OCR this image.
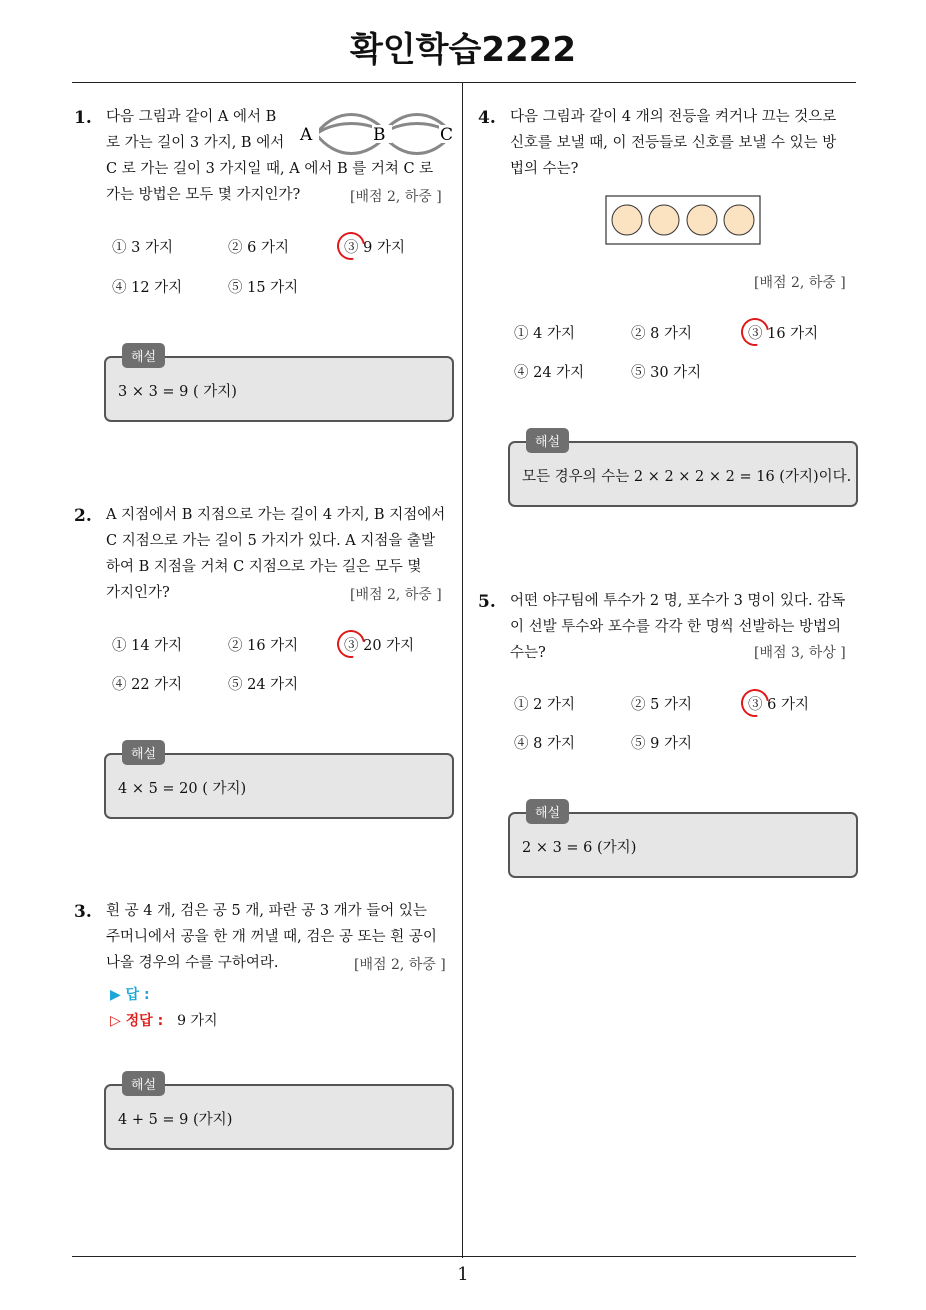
확인학습2222
1
1. 다음 그림과 같이 A 에서 B
로 가는 길이 3 가지, B 에서
C 로 가는 길이 3 가지일 때, A 에서 B 를 거쳐 C 로
가는 방법은 모두 몇 가지인가?	[배점 2, 하중 ]
A	B	C
① 3 가지	② 6 가지	③ 9 가지
④ 12 가지	⑤ 15 가지
해설
3 × 3 = 9 ( 가지)
2. A 지점에서 B 지점으로 가는 길이 4 가지, B 지점에서
C 지점으로 가는 길이 5 가지가 있다. A 지점을 출발
하여 B 지점을 거쳐 C 지점으로 가는 길은 모두 몇
가지인가?	[배점 2, 하중 ]
① 14 가지	② 16 가지	③ 20 가지
④ 22 가지	⑤ 24 가지
해설
4 × 5 = 20 ( 가지)
3. 흰 공 4 개, 검은 공 5 개, 파란 공 3 개가 들어 있는
주머니에서 공을 한 개 꺼낼 때, 검은 공 또는 흰 공이
나올 경우의 수를 구하여라.	[배점 2, 하중 ]
▶ 답 :
▷ 정답 : 9 가지
해설
4 + 5 = 9 (가지)
4. 다음 그림과 같이 4 개의 전등을 켜거나 끄는 것으로
신호를 보낼 때, 이 전등들로 신호를 보낼 수 있는 방
법의 수는?
[배점 2, 하중 ]
① 4 가지	② 8 가지	③ 16 가지
④ 24 가지	⑤ 30 가지
해설
모든 경우의 수는 2 × 2 × 2 × 2 = 16 (가지)이다.
5. 어떤 야구팀에 투수가 2 명, 포수가 3 명이 있다. 감독
이 선발 투수와 포수를 각각 한 명씩 선발하는 방법의
수는?	[배점 3, 하상 ]
① 2 가지	② 5 가지	③ 6 가지
④ 8 가지	⑤ 9 가지
해설
2 × 3 = 6 (가지)
